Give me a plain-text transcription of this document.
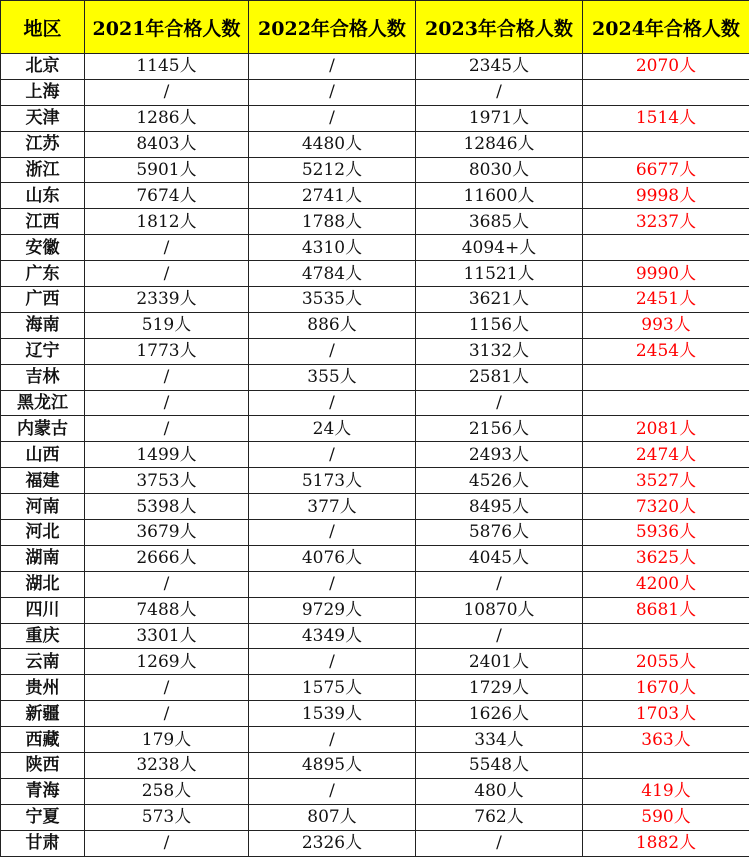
地区	2021年合格人数	2022年合格人数	2023年合格人数	2024年合格人数
北京	1145人	/	2345人	2070人
上海	/	/	/	
天津	1286人	/	1971人	1514人
江苏	8403人	4480人	12846人	
浙江	5901人	5212人	8030人	6677人
山东	7674人	2741人	11600人	9998人
江西	1812人	1788人	3685人	3237人
安徽	/	4310人	4094+人	
广东	/	4784人	11521人	9990人
广西	2339人	3535人	3621人	2451人
海南	519人	886人	1156人	993人
辽宁	1773人	/	3132人	2454人
吉林	/	355人	2581人	
黑龙江	/	/	/	
内蒙古	/	24人	2156人	2081人
山西	1499人	/	2493人	2474人
福建	3753人	5173人	4526人	3527人
河南	5398人	377人	8495人	7320人
河北	3679人	/	5876人	5936人
湖南	2666人	4076人	4045人	3625人
湖北	/	/	/	4200人
四川	7488人	9729人	10870人	8681人
重庆	3301人	4349人	/	
云南	1269人	/	2401人	2055人
贵州	/	1575人	1729人	1670人
新疆	/	1539人	1626人	1703人
西藏	179人	/	334人	363人
陕西	3238人	4895人	5548人	
青海	258人	/	480人	419人
宁夏	573人	807人	762人	590人
甘肃	/	2326人	/	1882人
